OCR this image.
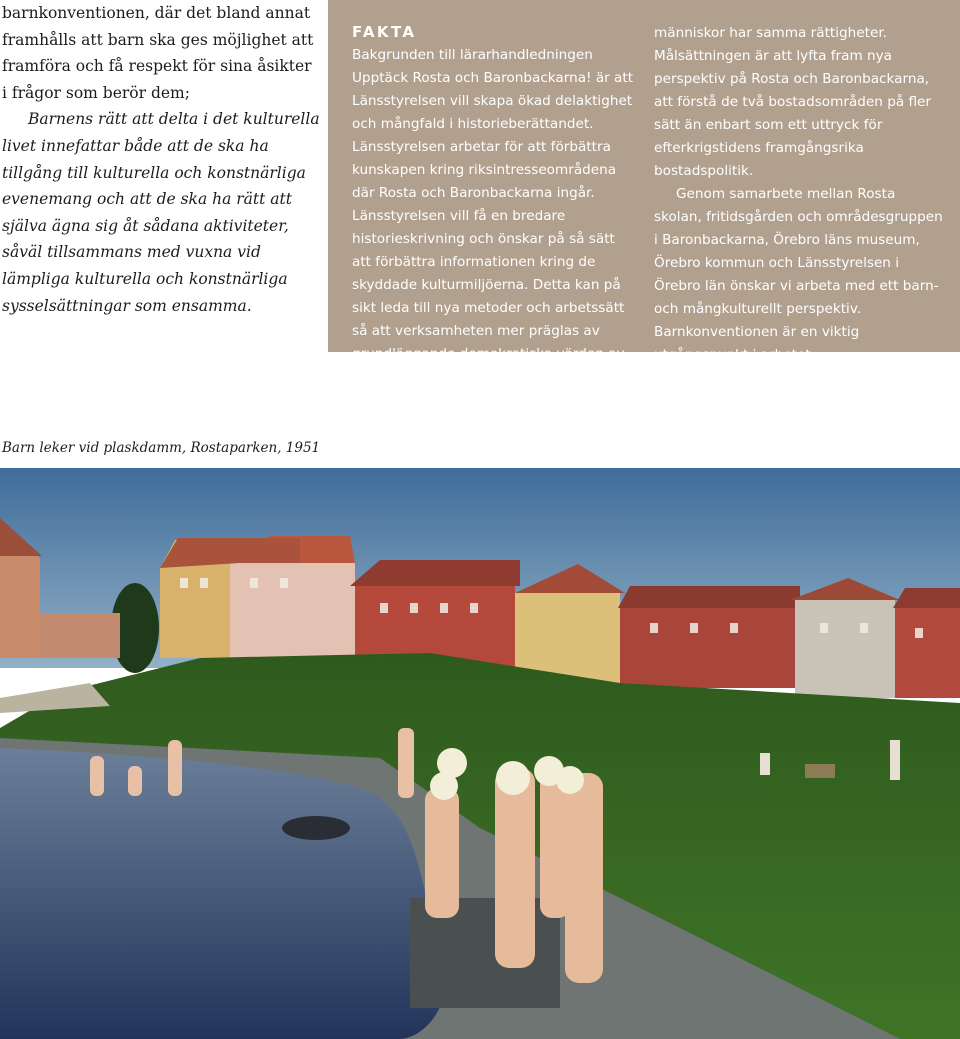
barnkonventionen, där det bland annat framhålls att barn ska ges möjlighet att framföra och få respekt för sina åsikter i frågor som berör dem;

Barnens rätt att delta i det kulturella livet innefattar både att de ska ha tillgång till kulturella och konstnärliga evenemang och att de ska ha rätt att själva ägna sig åt sådana aktiviteter, såväl tillsammans med vuxna vid lämpliga kulturella och konstnärliga sysselsättningar som ensamma.

FAKTA

Bakgrunden till lärarhandledningen Upptäck Rosta och Baronbackarna! är att Länsstyrelsen vill skapa ökad delaktighet och mångfald i historieberättandet. Länsstyrelsen arbetar för att förbättra kunskapen kring riksintresseområdena där Rosta och Baronbackarna ingår. Länsstyrelsen vill få en bredare historieskrivning och önskar på så sätt att förbättra informationen kring de skyddade kulturmiljöerna. Detta kan på sikt leda till nya metoder och arbetssätt så att verksamheten mer präglas av grundläggande demokratiska värden av att alla

människor har samma rättigheter. Målsättningen är att lyfta fram nya perspektiv på Rosta och Baronbackarna, att förstå de två bostadsområden på fler sätt än enbart som ett uttryck för efterkrigstidens framgångsrika bostadspolitik.

Genom samarbete mellan Rosta skolan, fritidsgården och områdesgruppen i Baronbackarna, Örebro läns museum, Örebro kommun och Länsstyrelsen i Örebro län önskar vi arbeta med ett barn- och mångkulturellt perspektiv. Barnkonventionen är en viktig utgångspunkt i arbetet.

Barn leker vid plaskdamm, Rostaparken, 1951
